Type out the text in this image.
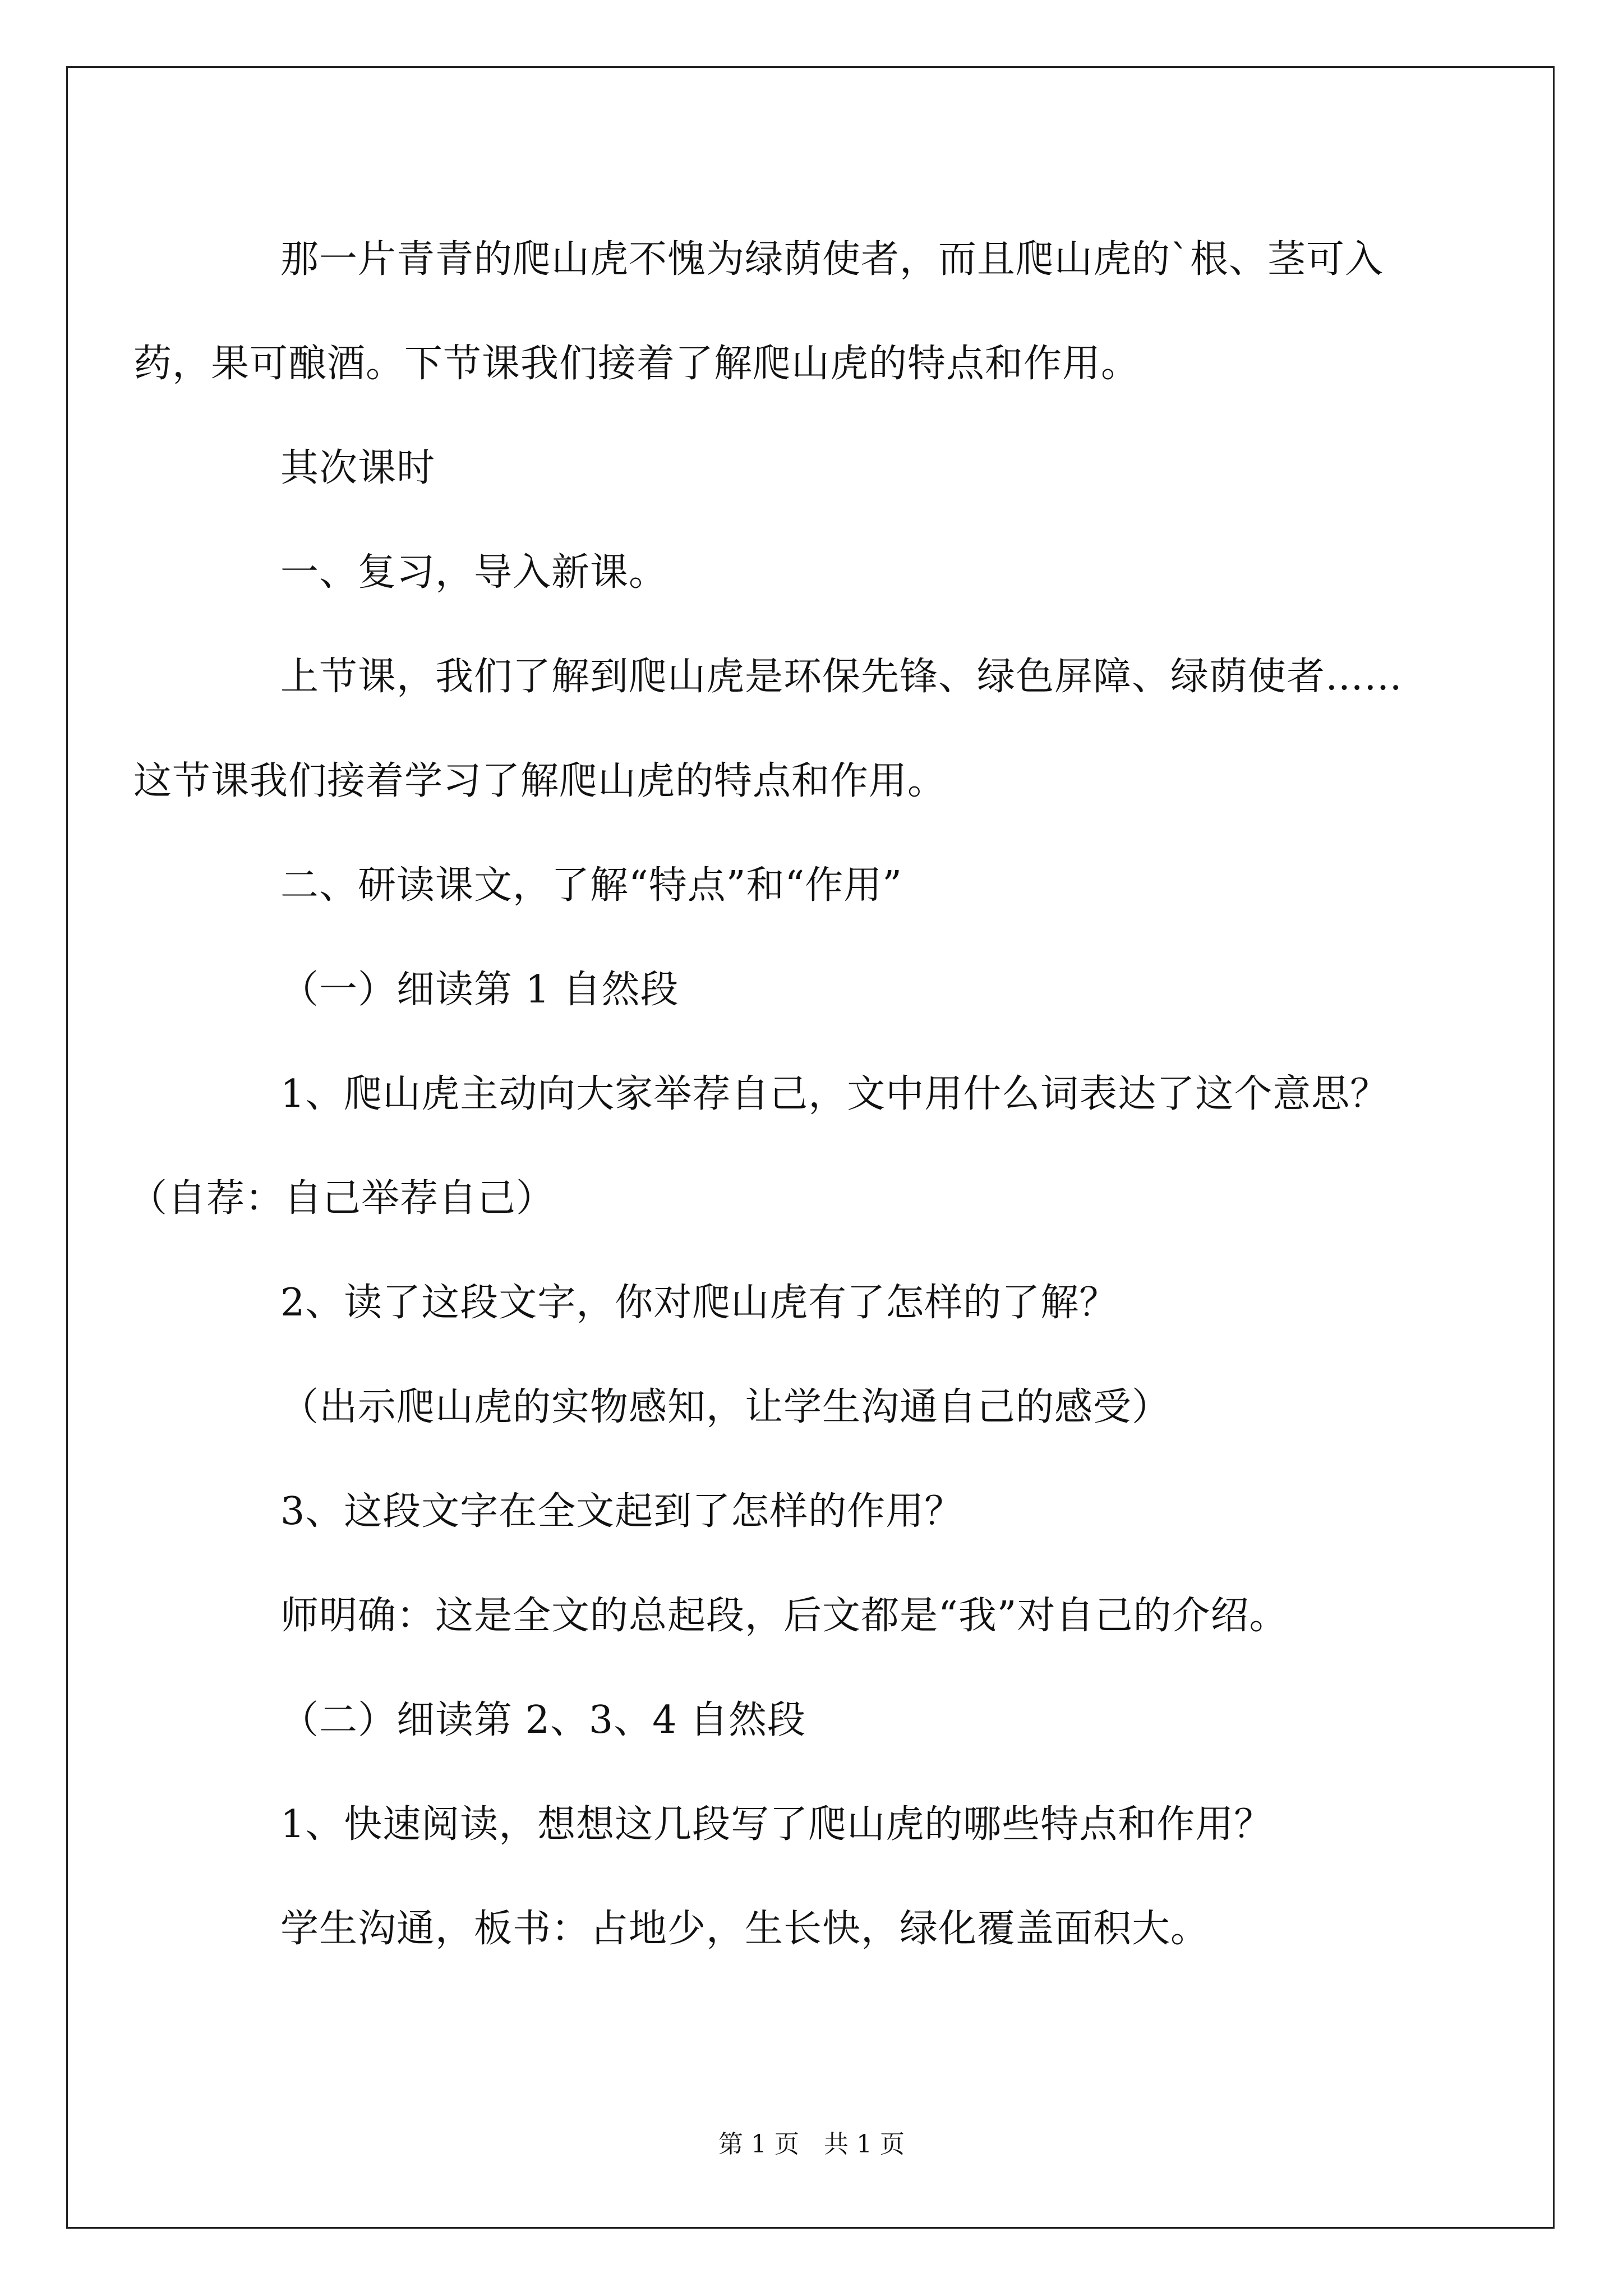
那一片青青的爬山虎不愧为绿荫使者，而且爬山虎的`根、茎可入

药，果可酿酒。下节课我们接着了解爬山虎的特点和作用。

其次课时

一、复习，导入新课。

上节课，我们了解到爬山虎是环保先锋、绿色屏障、绿荫使者……

这节课我们接着学习了解爬山虎的特点和作用。

二、研读课文，了解“特点”和“作用”

（一）细读第 1 自然段

1、爬山虎主动向大家举荐自己，文中用什么词表达了这个意思？

（自荐：自己举荐自己）

2、读了这段文字，你对爬山虎有了怎样的了解？

（出示爬山虎的实物感知，让学生沟通自己的感受）

3、这段文字在全文起到了怎样的作用？

师明确：这是全文的总起段，后文都是“我”对自己的介绍。

（二）细读第 2、3、4 自然段

1、快速阅读，想想这几段写了爬山虎的哪些特点和作用？

学生沟通，板书：占地少，生长快，绿化覆盖面积大。

第 1 页　共 1 页
